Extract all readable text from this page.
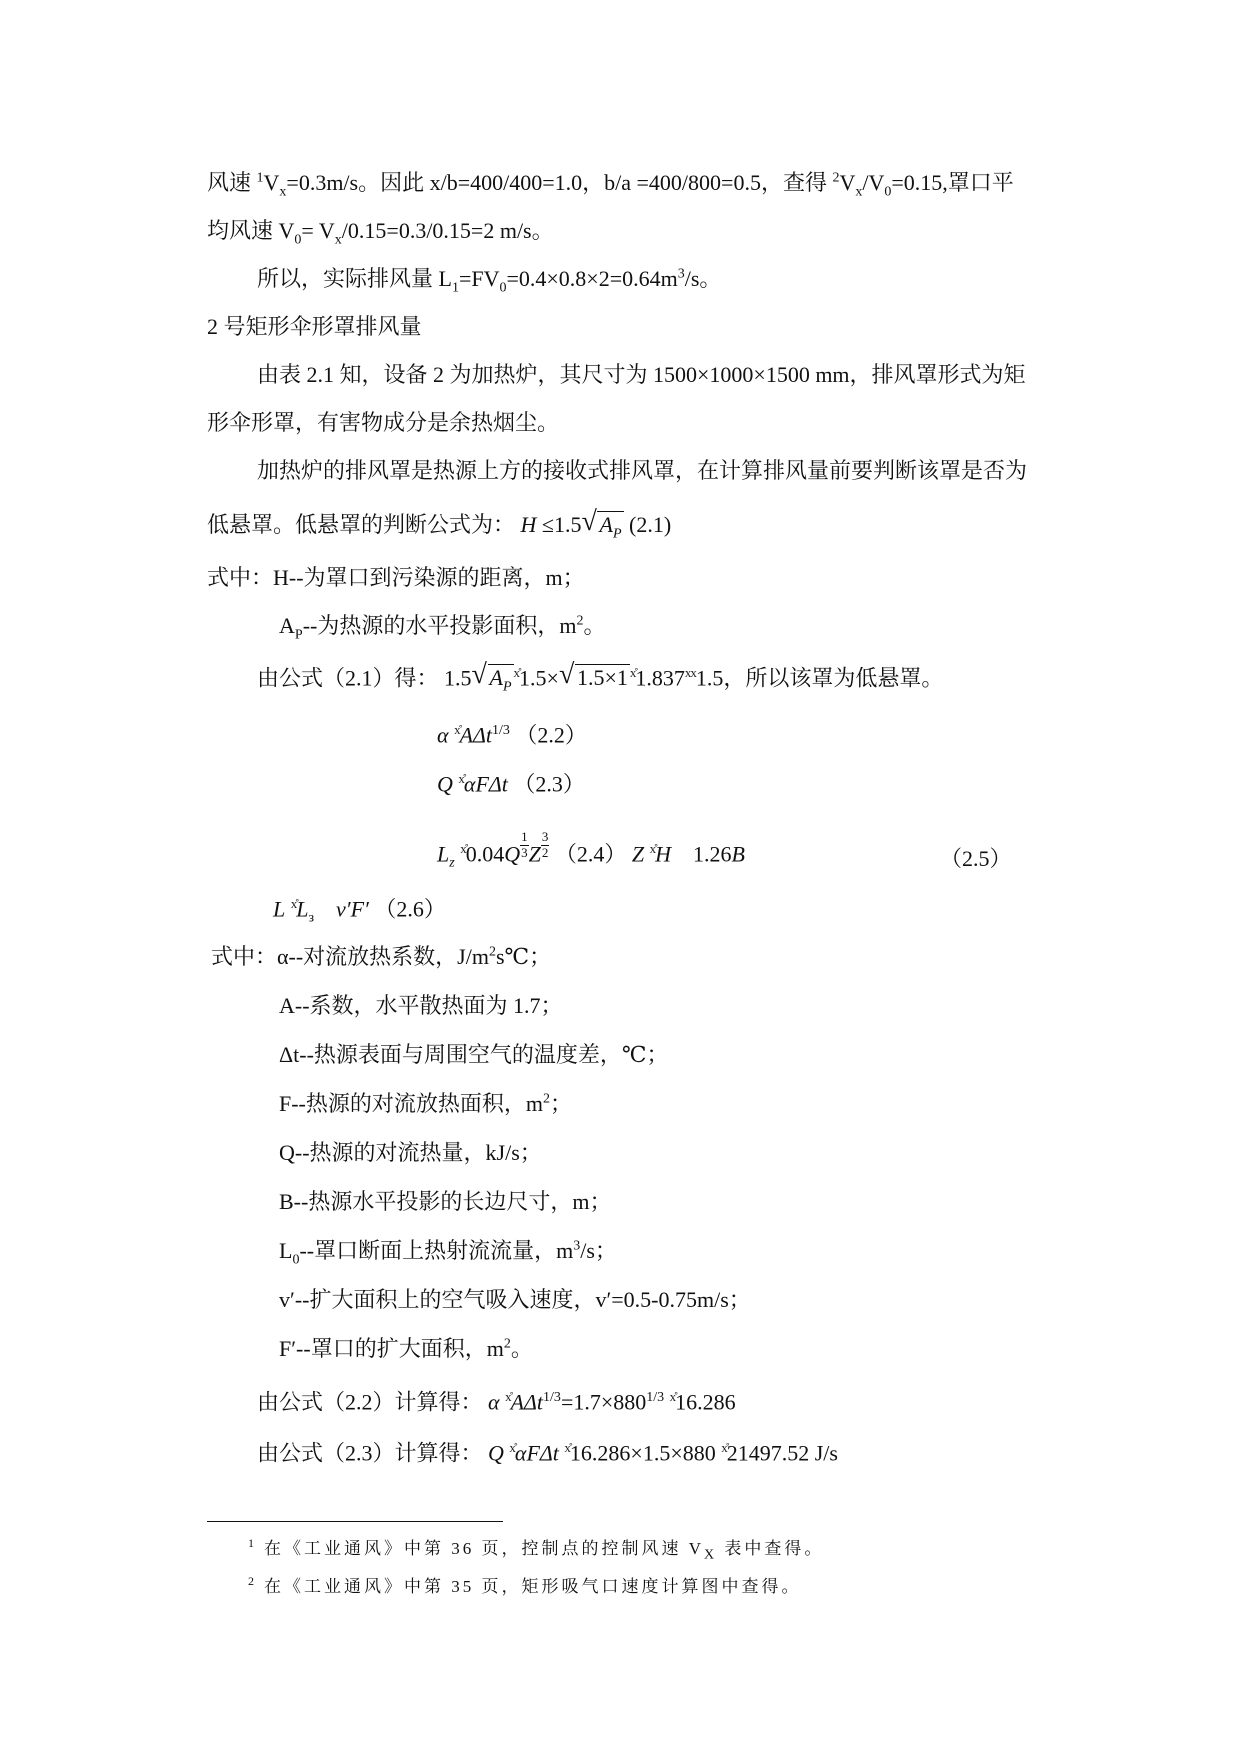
风速 $^1V_x=0.3m/s$。因此 x/b=400/400=1.0，b/a =400/800=0.5，查得 $^2V_x/V_0=0.15$,罩口平
均风速 $V_0= V_x/0.15=0.3/0.15=2$ m/s。
所以，实际排风量 $L_1=FV_0=0.4\times 0.8\times 2=0.64m^3/s$。
2 号矩形伞形罩排风量
由表 2.1 知，设备 2 为加热炉，其尺寸为 1500×1000×1500 mm，排风罩形式为矩
形伞形罩，有害物成分是余热烟尘。
加热炉的排风罩是热源上方的接收式排风罩，在计算排风量前要判断该罩是否为
低悬罩。低悬罩的判断公式为： H ≤1.5 √ $A_P$ (2.1)
式中：H--为罩口到污染源的距离，m；
$A_P--$为热源的水平投影面积，$m^2$。
由公式（2.1）得： 1.5 √ $A_P^{x̊}1.5\times$ √ 1.5×1 $^{x̊}$1.837$^{xx}$1.5，所以该罩为低悬罩。
α $^{x̊}$AΔt$^{1/3}$ （2.2）
Q $^{x̊}$αFΔt （2.3）
$L_z$ $^{x̊}0.04Q \frac{1}{3}$ Z $\frac{3}{2} (2.4)$ Z $^{x̊}$H 1.26B	（2.5）
L $^{x̊}L_з$ v′F′ （2.6）
式中：α--对流放热系数，$J/m^2s℃$；
A--系数，水平散热面为 1.7；
Δt--热源表面与周围空气的温度差，℃；
F--热源的对流放热面积，$m^2$；
Q--热源的对流热量，kJ/s；
B--热源水平投影的长边尺寸，m；
$L_0--$罩口断面上热射流流量，$m^3/s$；
v′--扩大面积上的空气吸入速度，v′=0.5-0.75m/s；
F′--罩口的扩大面积，$m^2$。
由公式（2.2）计算得： α $^{x̊}A\Delta t^{1/3}=1.7\times 880^{1/3}$ $^{x̊}$16.286
由公式（2.3）计算得： Q $^{x̊}$αFΔt $^{x̊}$16.286×1.5×880 $^{x̊}$21497.52 J/s
$^1$ 在《工业通风》中第 36 页，控制点的控制风速 $V_X$ 表中查得。
$^2$ 在《工业通风》中第 35 页，矩形吸气口速度计算图中查得。
